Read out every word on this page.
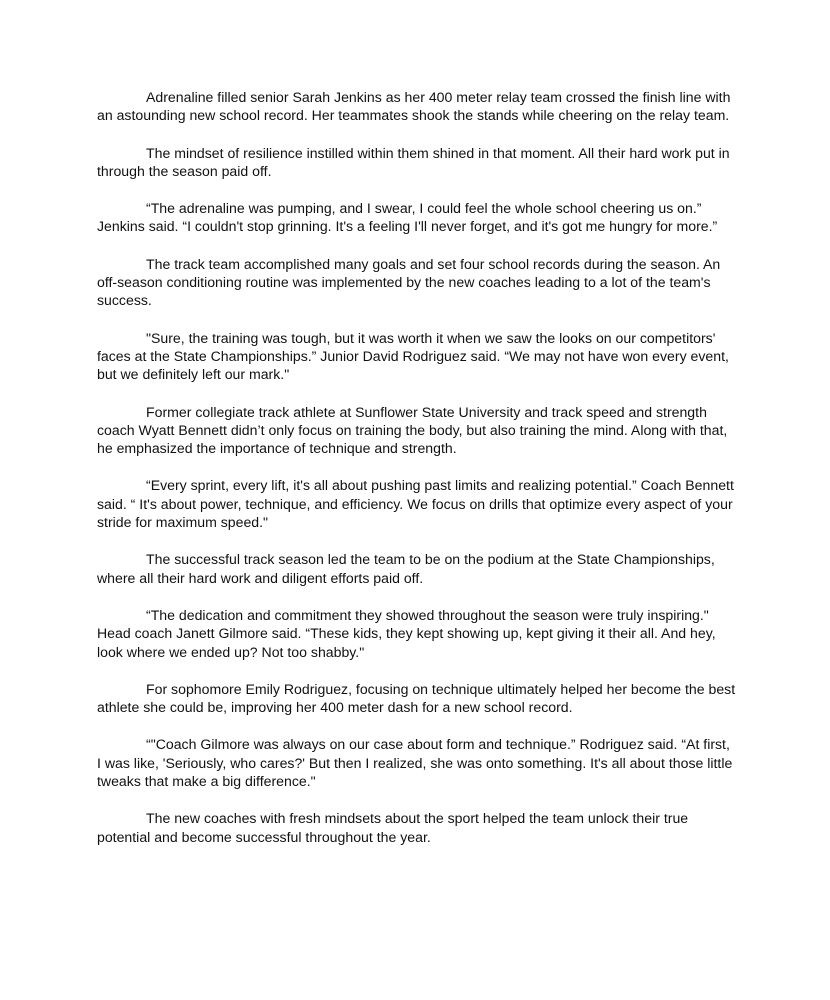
Adrenaline filled senior Sarah Jenkins as her 400 meter relay team crossed the finish line with an astounding new school record. Her teammates shook the stands while cheering on the relay team.

The mindset of resilience instilled within them shined in that moment. All their hard work put in through the season paid off.

“The adrenaline was pumping, and I swear, I could feel the whole school cheering us on.” Jenkins said. “I couldn't stop grinning. It's a feeling I'll never forget, and it's got me hungry for more.”

The track team accomplished many goals and set four school records during the season. An off-season conditioning routine was implemented by the new coaches leading to a lot of the team's success.

"Sure, the training was tough, but it was worth it when we saw the looks on our competitors' faces at the State Championships.” Junior David Rodriguez said. “We may not have won every event, but we definitely left our mark."

Former collegiate track athlete at Sunflower State University and track speed and strength coach Wyatt Bennett didn’t only focus on training the body, but also training the mind. Along with that, he emphasized the importance of technique and strength.

“Every sprint, every lift, it's all about pushing past limits and realizing potential.” Coach Bennett said. “ It's about power, technique, and efficiency. We focus on drills that optimize every aspect of your stride for maximum speed."

The successful track season led the team to be on the podium at the State Championships, where all their hard work and diligent efforts paid off.

“The dedication and commitment they showed throughout the season were truly inspiring." Head coach Janett Gilmore said. “These kids, they kept showing up, kept giving it their all. And hey, look where we ended up? Not too shabby."

For sophomore Emily Rodriguez, focusing on technique ultimately helped her become the best athlete she could be, improving her 400 meter dash for a new school record.

“"Coach Gilmore was always on our case about form and technique.” Rodriguez said. “At first, I was like, 'Seriously, who cares?' But then I realized, she was onto something. It's all about those little tweaks that make a big difference."

The new coaches with fresh mindsets about the sport helped the team unlock their true potential and become successful throughout the year.
